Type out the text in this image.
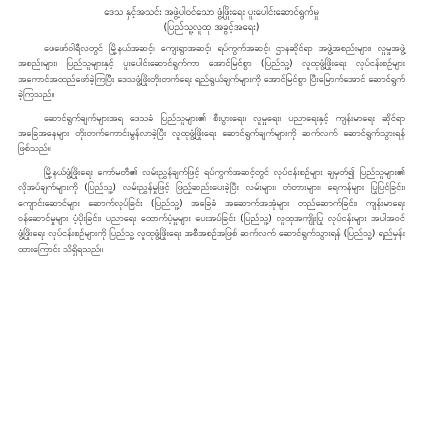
ဒေသ နှင့်အသင်း အဖွဲ့ပါဝင်သော ဖွံ့ဖြိုးရေး ပူးပေါင်းဆောင်ရွက်မှု
(ပြည်သူ့လူထု အခွင့်အရေး)

ဖေဖော်ဝါရီလတွင် မြို့နယ်အဆင့်၊ ကျေးရွာအဆင့်၊ ရပ်ကွက်အဆင့်၊ ဌာနဆိုင်ရာ အဖွဲ့အစည်းများ၊ လူမှုအဖွဲ့အစည်းများ၊ ပြည်သူများနှင့် ပူးပေါင်းဆောင်ရွက်ကာ အောင်မြင်စွာ (ပြည်သူ့) လူထုဖွံ့ဖြိုးရေး လုပ်ငန်းစဉ်များ အကောင်အထည်ဖော်ခဲ့ကြပြီး ဒေသဖွံ့ဖြိုးတိုးတက်ရေး ရည်ရွယ်ချက်များကို အောင်မြင်စွာ ပြီးမြောက်အောင် ဆောင်ရွက်ခဲ့ကြသည်။

ဆောင်ရွက်ချက်များအရ ဒေသခံ ပြည်သူများ၏ စီးပွားရေး၊ လူမှုရေး၊ ပညာရေးနှင့် ကျန်းမာရေး ဆိုင်ရာ အခြေအနေများ တိုးတက်ကောင်းမွန်လာခဲ့ပြီး လူထုဖွံ့ဖြိုးရေး ဆောင်ရွက်ချက်များကို ဆက်လက် ဆောင်ရွက်သွားရန် ဖြစ်သည်။

မြို့နယ်ဖွံ့ဖြိုးရေး ကော်မတီ၏ လမ်းညွှန်ချက်ဖြင့် ရပ်ကွက်အဆင့်တွင် လုပ်ငန်းစဉ်များ ချမှတ်၍ ပြည်သူများ၏ လိုအပ်ချက်များကို (ပြည်သူ့) လမ်းညွှန်မှုဖြင့် ဖြည့်ဆည်းပေးခဲ့ပြီး လမ်းများ၊ တံတားများ၊ ရေကန်များ ပြုပြင်ခြင်း၊ ကျောင်းဆောင်များ ဆောက်လုပ်ခြင်း (ပြည်သူ့) အခြေခံ အဆောက်အအုံများ တည်ဆောက်ခြင်း၊ ကျန်းမာရေး ဝန်ဆောင်မှုများ ပံ့ပိုးခြင်း၊ ပညာရေး ထောက်ပံ့မှုများ ပေးအပ်ခြင်း (ပြည်သူ့) လူထုအကျိုးပြု လုပ်ငန်းများ အပါအဝင် ဖွံ့ဖြိုးရေး လုပ်ငန်းစဉ်များကို ပြည်သူ့ လူထုဖွံ့ဖြိုးရေး အစီအစဉ်အဖြစ် ဆက်လက် ဆောင်ရွက်သွားရန် (ပြည်သူ့) ရည်မှန်းထားကြောင်း သိရှိရသည်။
